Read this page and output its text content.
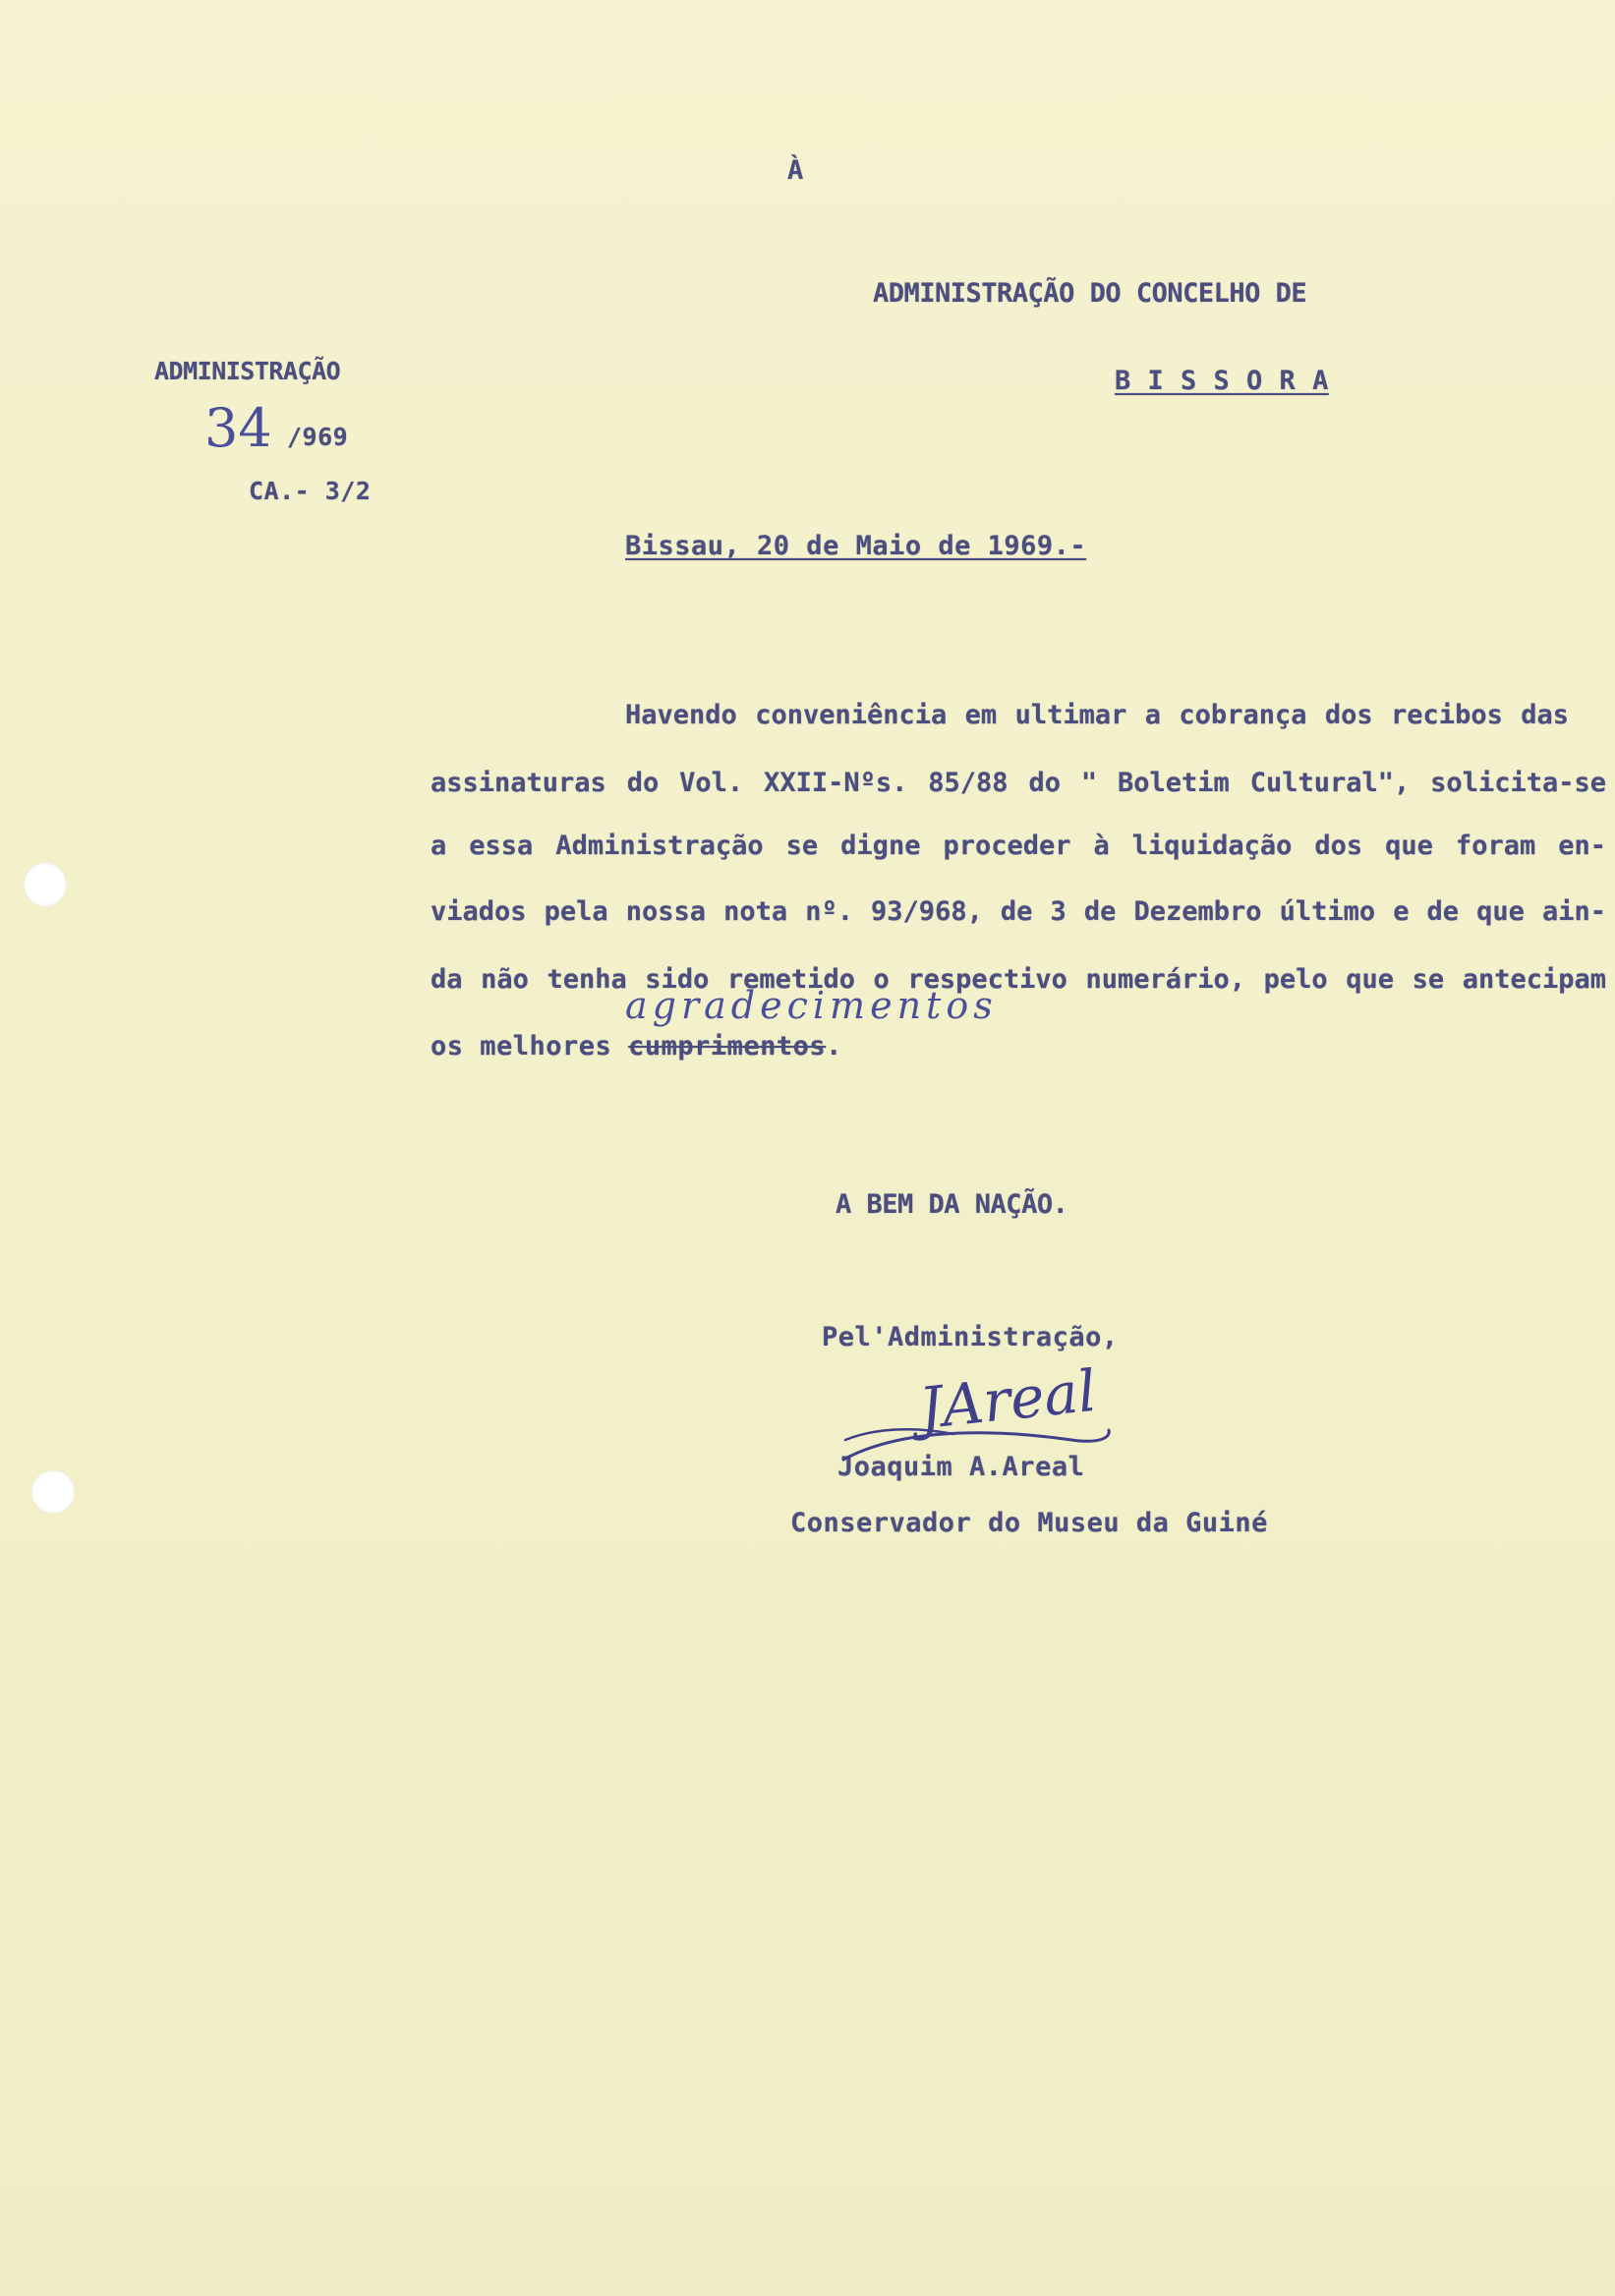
À
ADMINISTRAÇÃO DO CONCELHO DE
B I S S O R A
ADMINISTRAÇÃO
34 /969
CA.- 3/2
Bissau, 20 de Maio de 1969.-
Havendo conveniência em ultimar a cobrança dos recibos das
assinaturas do Vol. XXII-Nºs. 85/88 do " Boletim Cultural", solicita-se
a essa Administração se digne proceder à liquidação dos que foram en-
viados pela nossa nota nº. 93/968, de 3 de Dezembro último e de que ain-
da não tenha sido remetido o respectivo numerário, pelo que se antecipam
os melhores cumprimentos.
agradecimentos
A BEM DA NAÇÃO.
Pel'Administração,
Joaquim A.Areal
Conservador do Museu da Guiné
JAreal
